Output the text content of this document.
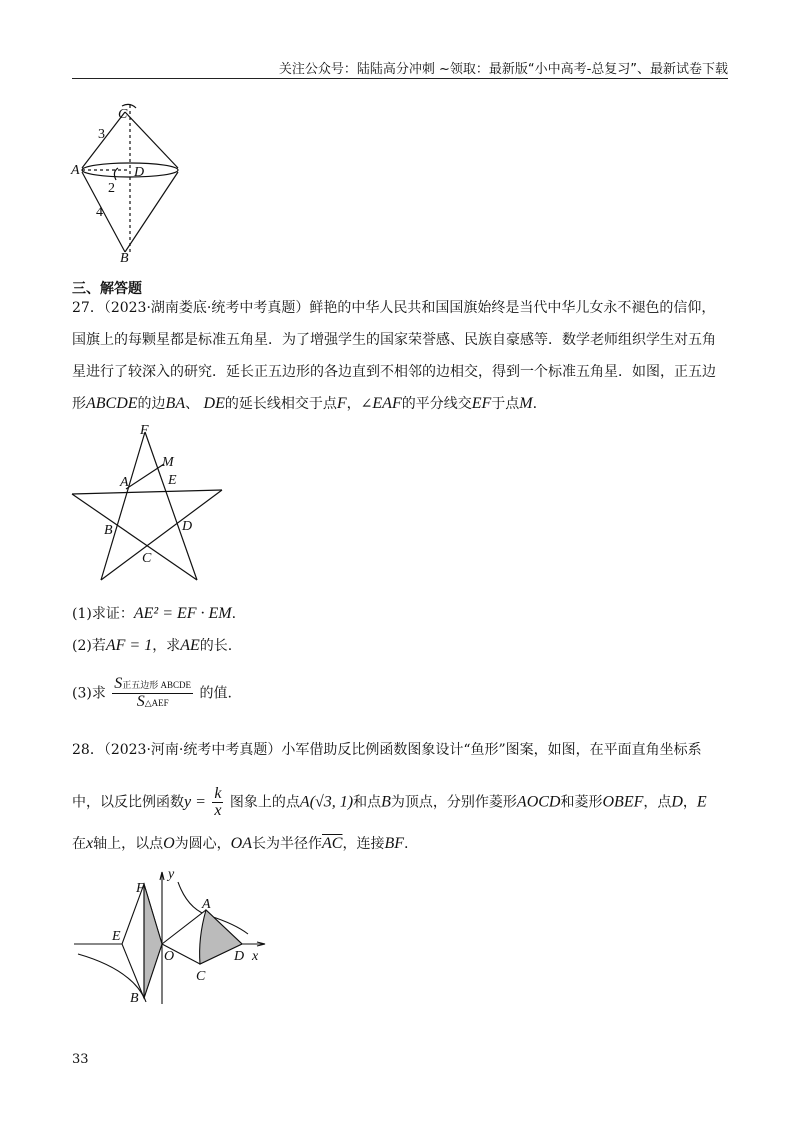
关注公众号：陆陆高分冲刺 ~领取：最新版“小中高考-总复习”、最新试卷下载
C
A	D
B
3
2
4
三、解答题
27．（2023·湖南娄底·统考中考真题）鲜艳的中华人民共和国国旗始终是当代中华儿女永不褪色的信仰，
国旗上的每颗星都是标准五角星．为了增强学生的国家荣誉感、民族自豪感等．数学老师组织学生对五角
星进行了较深入的研究．延长正五边形的各边直到不相邻的边相交，得到一个标准五角星．如图，正五边
形ABCDE的边BA、 DE的延长线相交于点F，∠EAF的平分线交EF于点M.
F
M
A	E
B	D
C
(1)求证：AE² = EF · EM.
(2)若AF = 1，求AE的长.
(3)求 $\frac{\text{S正五边形 ABCDE}}{\text{S△AEF}}$ 的值.
28．（2023·河南·统考中考真题）小军借助反比例函数图象设计“鱼形”图案，如图，在平面直角坐标系
中，以反比例函数$y = \frac{k}{x}$ 图象上的点A(√3, 1)和点B为顶点，分别作菱形AOCD和菱形OBEF，点D，E
在x轴上，以点O为圆心，OA长为半径作$\overline{AC}$，连接BF.
y
F
A
E
O	D x
C
B
33
